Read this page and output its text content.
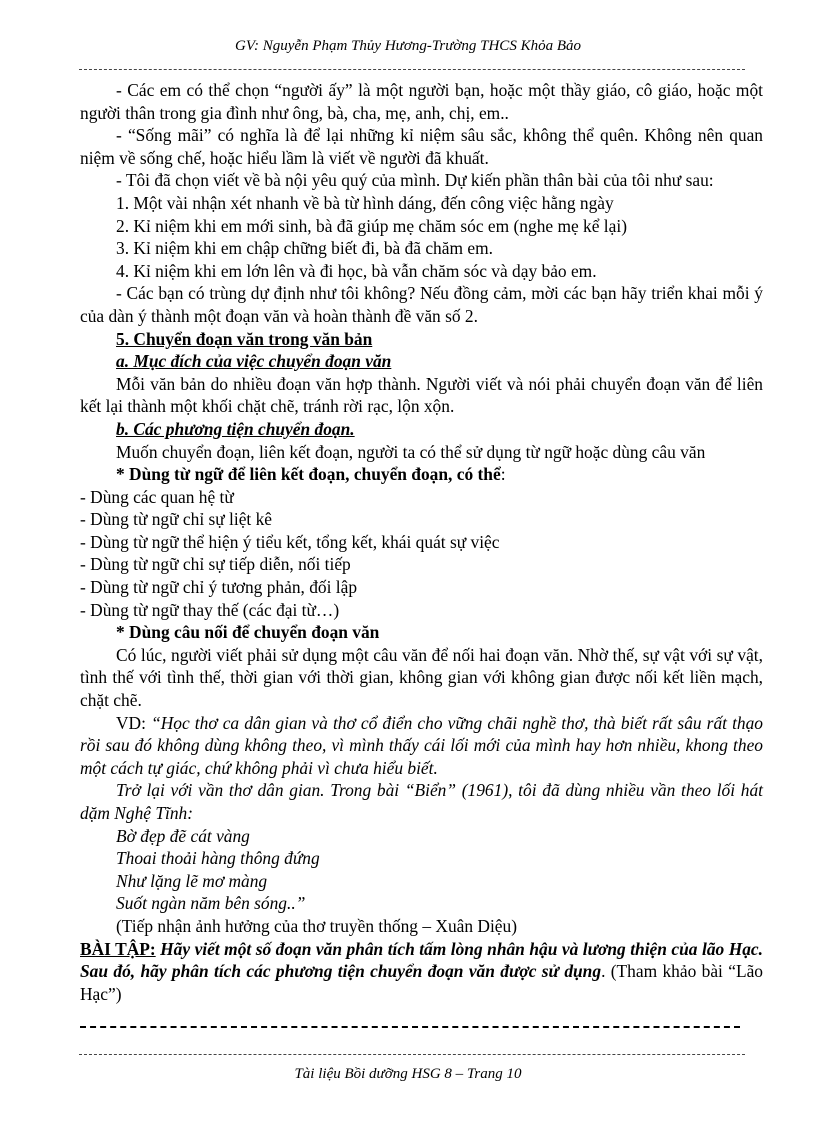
GV: Nguyễn Phạm Thủy Hương-Trường THCS Khỏa Bảo

- Các em có thể chọn “người ấy” là một người bạn, hoặc một thầy giáo, cô giáo, hoặc một người thân trong gia đình như ông, bà, cha, mẹ, anh, chị, em..

- “Sống mãi” có nghĩa là để lại những kỉ niệm sâu sắc, không thể quên. Không nên quan niệm về sống chế, hoặc hiểu lầm là viết về người đã khuất.

- Tôi đã chọn viết về bà nội yêu quý của mình. Dự kiến phần thân bài của tôi như sau:

1. Một vài nhận xét nhanh về bà từ hình dáng, đến công việc hằng ngày

2. Kỉ niệm khi em mới sinh, bà đã giúp mẹ chăm sóc em (nghe mẹ kể lại)

3. Kỉ niệm khi em chập chững biết đi, bà đã chăm em.

4. Kỉ niệm khi em lớn lên và đi học, bà vẫn chăm sóc và dạy bảo em.

- Các bạn có trùng dự định như tôi không? Nếu đồng cảm, mời các bạn hãy triển khai mỗi ý của dàn ý thành một đoạn văn và hoàn thành đề văn số 2.

5. Chuyển đoạn văn trong văn bản

a. Mục đích của việc chuyển đoạn văn

Mỗi văn bản do nhiều đoạn văn hợp thành. Người viết và nói phải chuyển đoạn văn để liên kết lại thành một khối chặt chẽ, tránh rời rạc, lộn xộn.

b. Các phương tiện chuyển đoạn.

Muốn chuyển đoạn, liên kết đoạn, người ta có thể sử dụng từ ngữ hoặc dùng câu văn

* Dùng từ ngữ để liên kết đoạn, chuyển đoạn, có thể:

- Dùng các quan hệ từ

- Dùng từ ngữ chỉ sự liệt kê

- Dùng từ ngữ thể hiện ý tiểu kết, tổng kết, khái quát sự việc

- Dùng từ ngữ chỉ sự tiếp diễn, nối tiếp

- Dùng từ ngữ chỉ ý tương phản, đối lập

- Dùng từ ngữ thay thế (các đại từ…)

* Dùng câu nối để chuyển đoạn văn

Có lúc, người viết phải sử dụng một câu văn để nối hai đoạn văn. Nhờ thế, sự vật với sự vật, tình thế với tình thế, thời gian với thời gian, không gian với không gian được nối kết liền mạch, chặt chẽ.

VD: “Học thơ ca dân gian và thơ cổ điển cho vững chãi nghề thơ, thà biết rất sâu rất thạo rồi sau đó không dùng không theo, vì mình thấy cái lối mới của mình hay hơn nhiều, khong theo một cách tự giác, chứ không phải vì chưa hiểu biết.

Trở lại với vần thơ dân gian. Trong bài “Biển” (1961), tôi đã dùng nhiều vần theo lối hát dặm Nghệ Tĩnh:

Bờ đẹp đẽ cát vàng

Thoai thoải hàng thông đứng

Như lặng lẽ mơ màng

Suốt ngàn năm bên sóng..”

(Tiếp nhận ảnh hưởng của thơ truyền thống – Xuân Diệu)

BÀI TẬP: Hãy viết một số đoạn văn phân tích tấm lòng nhân hậu và lương thiện của lão Hạc. Sau đó, hãy phân tích các phương tiện chuyển đoạn văn được sử dụng. (Tham khảo bài “Lão Hạc”)

Tài liệu Bồi dưỡng HSG 8 – Trang 10
